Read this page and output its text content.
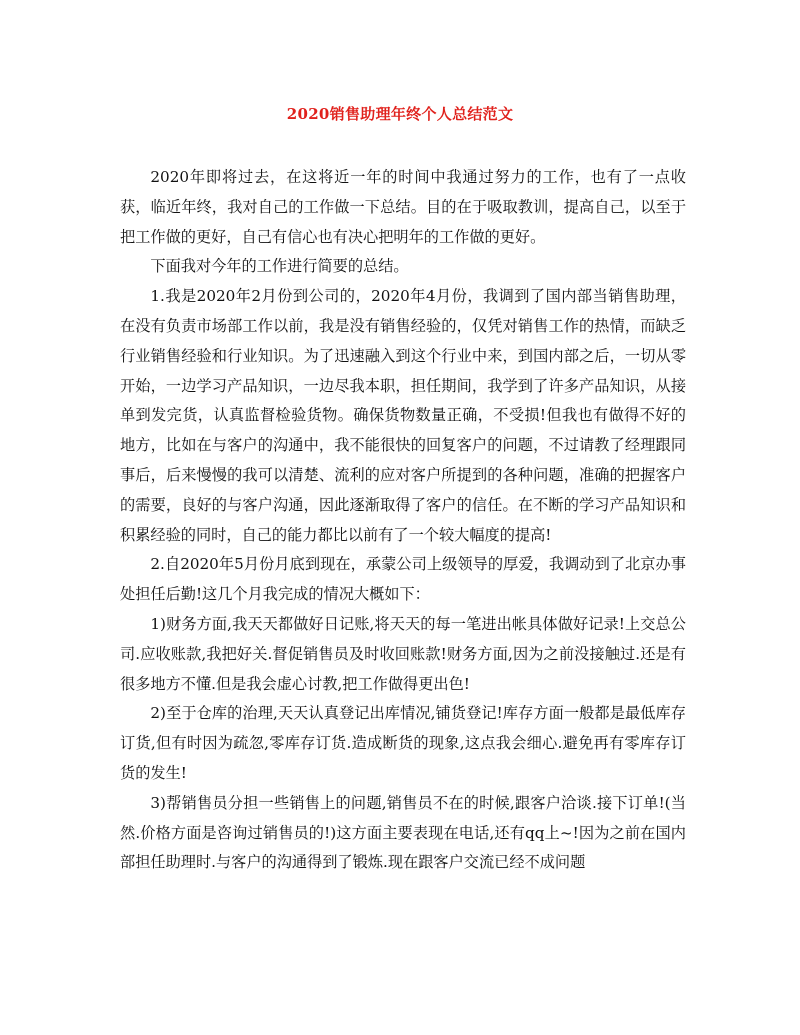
2020销售助理年终个人总结范文

2020年即将过去，在这将近一年的时间中我通过努力的工作，也有了一点收获，临近年终，我对自己的工作做一下总结。目的在于吸取教训，提高自己，以至于把工作做的更好，自己有信心也有决心把明年的工作做的更好。

下面我对今年的工作进行简要的总结。

1.我是2020年2月份到公司的，2020年4月份，我调到了国内部当销售助理，在没有负责市场部工作以前，我是没有销售经验的，仅凭对销售工作的热情，而缺乏行业销售经验和行业知识。为了迅速融入到这个行业中来，到国内部之后，一切从零开始，一边学习产品知识，一边尽我本职，担任期间，我学到了许多产品知识，从接单到发完货，认真监督检验货物。确保货物数量正确，不受损!但我也有做得不好的地方，比如在与客户的沟通中，我不能很快的回复客户的问题，不过请教了经理跟同事后，后来慢慢的我可以清楚、流利的应对客户所提到的各种问题，准确的把握客户的需要，良好的与客户沟通，因此逐渐取得了客户的信任。在不断的学习产品知识和积累经验的同时，自己的能力都比以前有了一个较大幅度的提高!

2.自2020年5月份月底到现在，承蒙公司上级领导的厚爱，我调动到了北京办事处担任后勤!这几个月我完成的情况大概如下：

1)财务方面,我天天都做好日记账,将天天的每一笔进出帐具体做好记录!上交总公司.应收账款,我把好关.督促销售员及时收回账款!财务方面,因为之前没接触过.还是有很多地方不懂.但是我会虚心讨教,把工作做得更出色!

2)至于仓库的治理,天天认真登记出库情况,铺货登记!库存方面一般都是最低库存订货,但有时因为疏忽,零库存订货.造成断货的现象,这点我会细心.避免再有零库存订货的发生!

3)帮销售员分担一些销售上的问题,销售员不在的时候,跟客户洽谈.接下订单!(当然.价格方面是咨询过销售员的!)这方面主要表现在电话,还有qq上~!因为之前在国内部担任助理时.与客户的沟通得到了锻炼.现在跟客户交流已经不成问题
